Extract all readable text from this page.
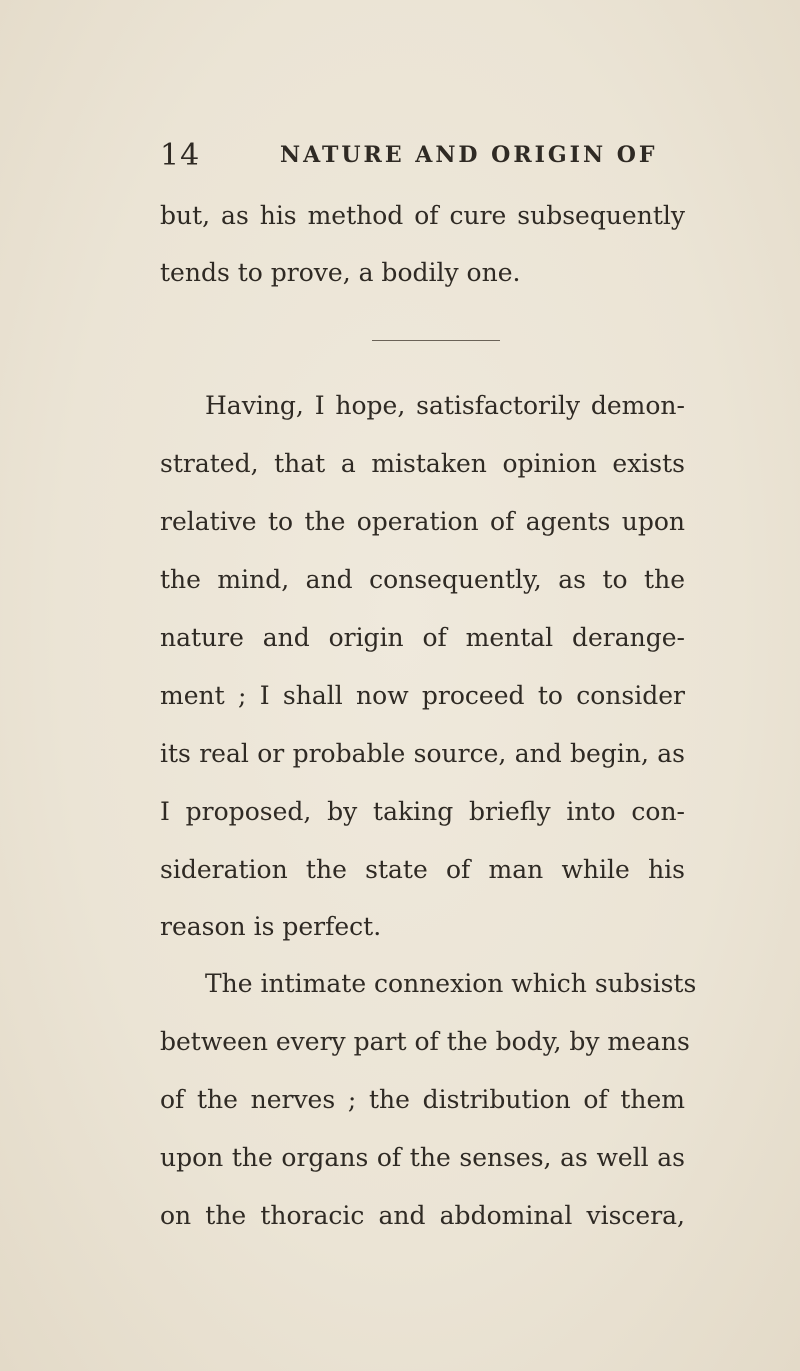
14	NATURE AND ORIGIN OF
but, as his method of cure subsequently
tends to prove, a bodily one.
Having, I hope, satisfactorily demon-
strated, that a mistaken opinion exists
relative to the operation of agents upon
the mind, and consequently, as to the
nature and origin of mental derange-
ment ; I shall now proceed to consider
its real or probable source, and begin, as
I proposed, by taking briefly into con-
sideration the state of man while his
reason is perfect.
The intimate connexion which subsists
between every part of the body, by means
of the nerves ; the distribution of them
upon the organs of the senses, as well as
on the thoracic and abdominal viscera,
